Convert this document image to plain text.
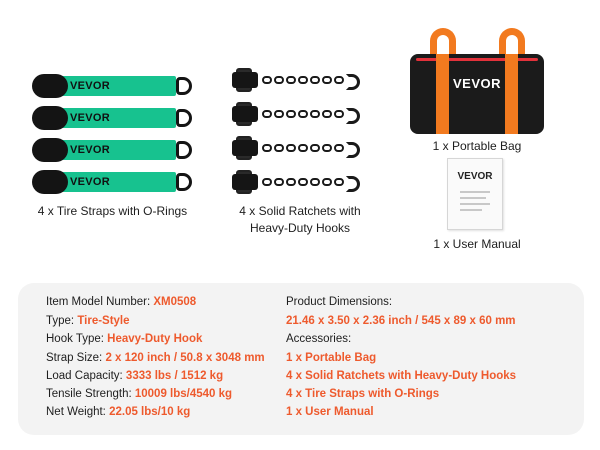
VEVOR
VEVOR
VEVOR
VEVOR
4 x Tire Straps with O-Rings	4 x Solid Ratchets with
Heavy-Duty Hooks
VEVOR
1 x Portable Bag
VEVOR
1 x User Manual
Item Model Number: XM0508
Type: Tire-Style
Hook Type: Heavy-Duty Hook
Strap Size: 2 x 120 inch / 50.8 x 3048 mm
Load Capacity: 3333 lbs / 1512 kg
Tensile Strength: 10009 lbs/4540 kg
Net Weight: 22.05 lbs/10 kg
Product Dimensions:
21.46 x 3.50 x 2.36 inch / 545 x 89 x 60 mm
Accessories:
1 x Portable Bag
4 x Solid Ratchets with Heavy-Duty Hooks
4 x Tire Straps with O-Rings
1 x User Manual
